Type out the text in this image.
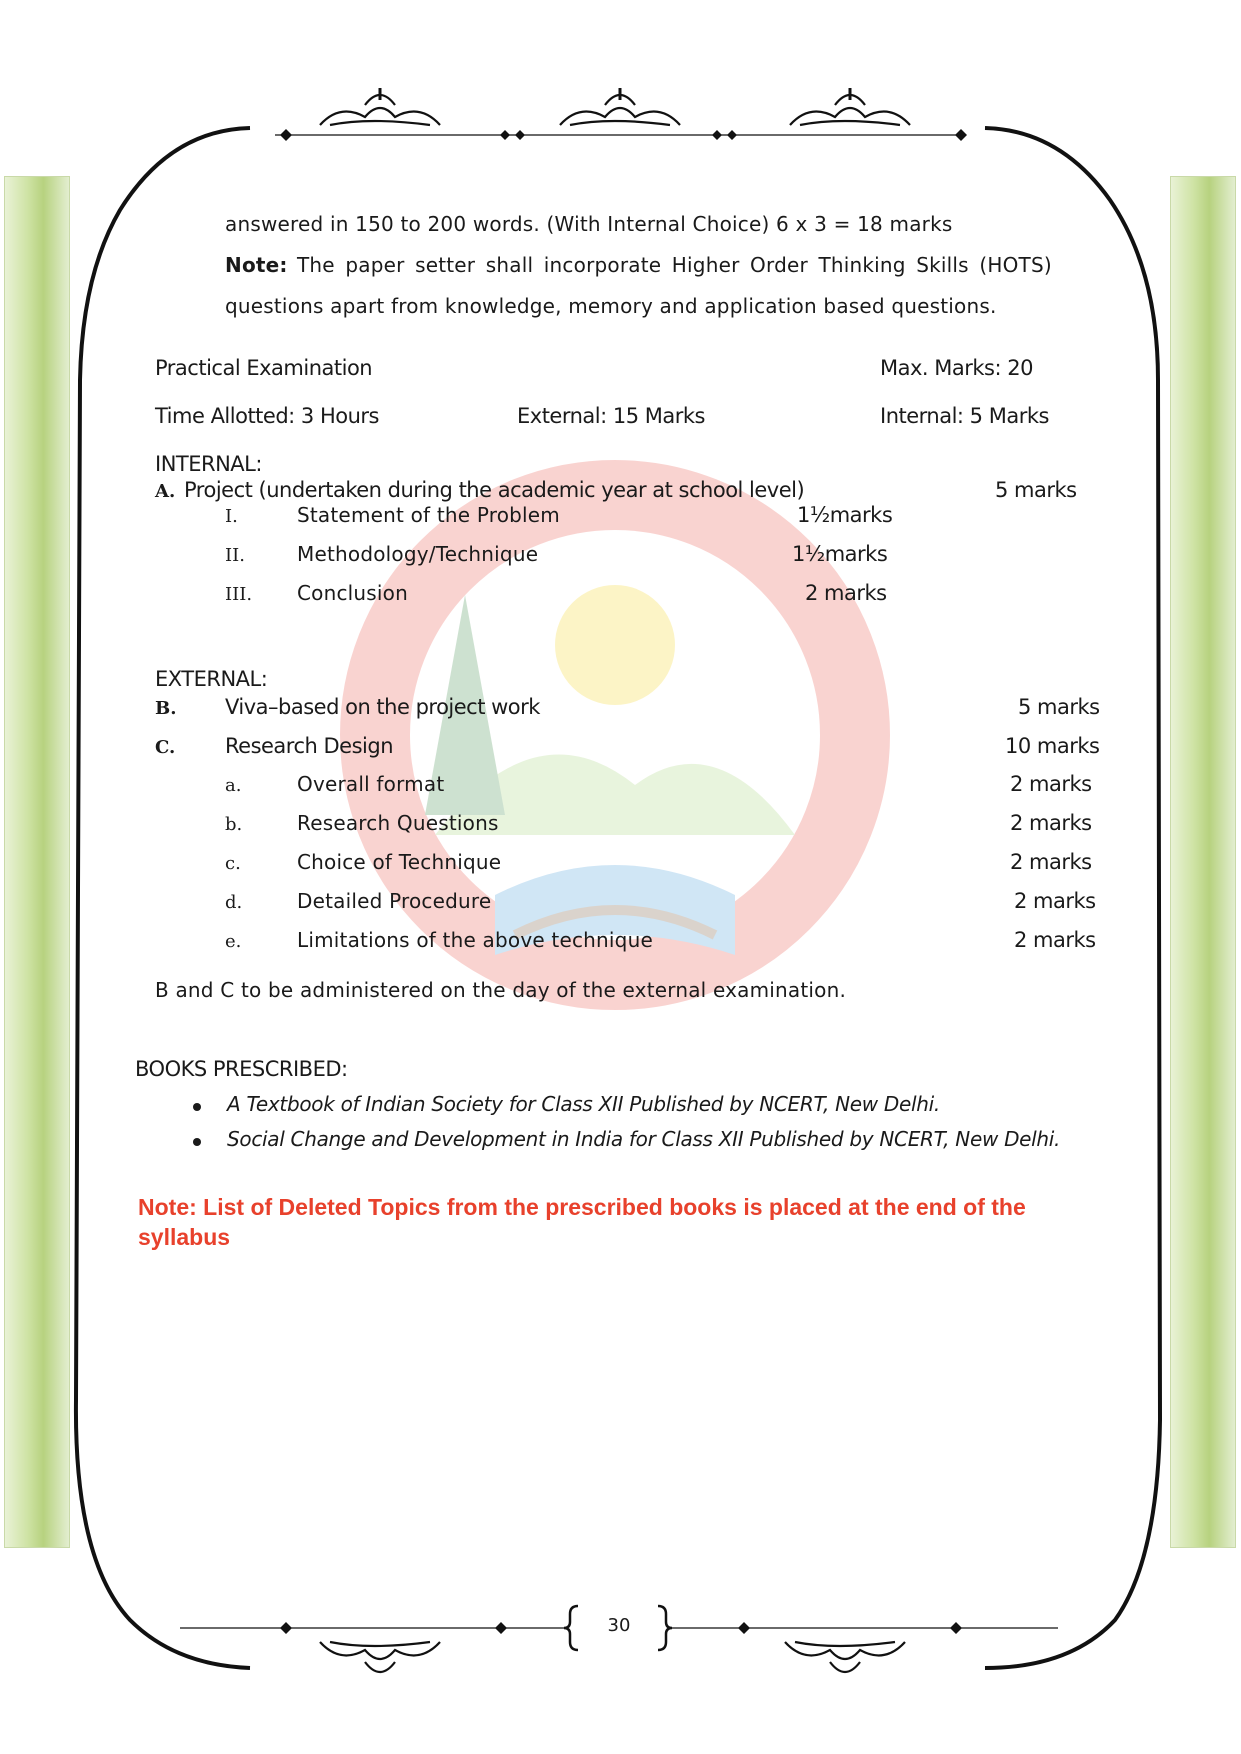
answered in 150 to 200 words. (With Internal Choice) 6 x 3 = 18 marks
Note: The paper setter shall incorporate Higher Order Thinking Skills (HOTS)
questions apart from knowledge, memory and application based questions.
Practical Examination	Max. Marks: 20
Time Allotted: 3 Hours	External: 15 Marks	Internal: 5 Marks
INTERNAL:
A. Project (undertaken during the academic year at school level)	5 marks
I.	Statement of the Problem	1½marks
II.	Methodology/Technique	1½marks
III. Conclusion	2 marks
EXTERNAL:
B. Viva–based on the project work	5 marks
C. Research Design	10 marks
a.	Overall format	2 marks
b.	Research Questions	2 marks
c.	Choice of Technique	2 marks
d.	Detailed Procedure	2 marks
e.	Limitations of the above technique	2 marks
B and C to be administered on the day of the external examination.
BOOKS PRESCRIBED:
A Textbook of Indian Society for Class XII Published by NCERT, New Delhi.
Social Change and Development in India for Class XII Published by NCERT, New Delhi.
Note: List of Deleted Topics from the prescribed books is placed at the end of the
syllabus
30
